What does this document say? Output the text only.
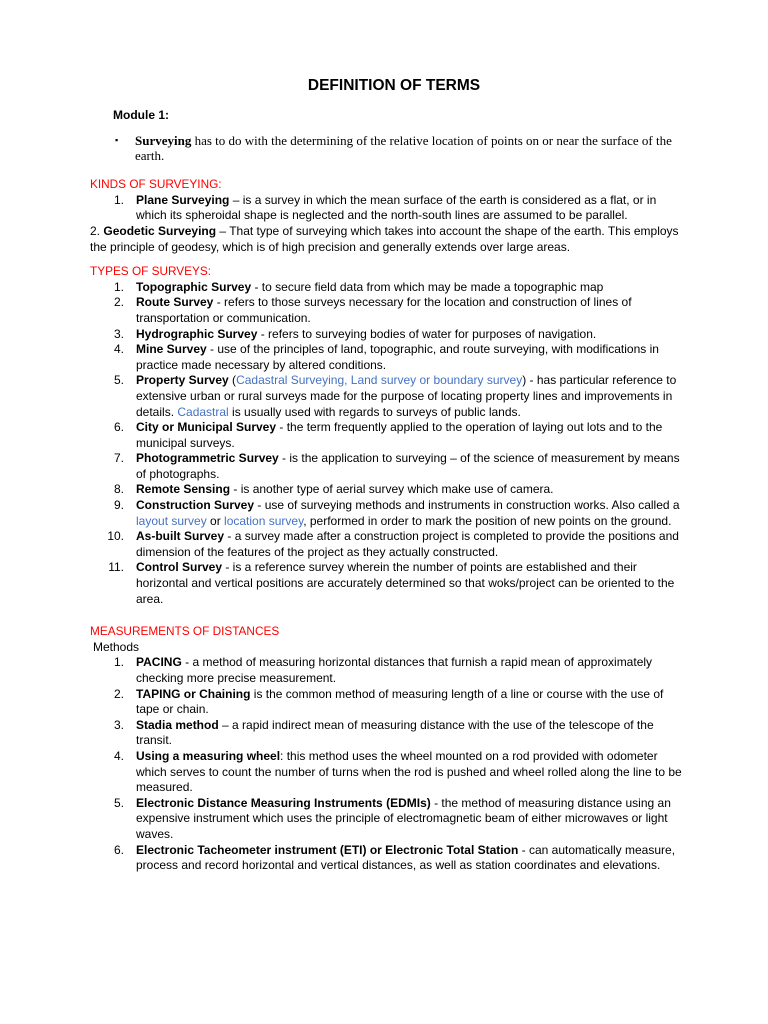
DEFINITION OF TERMS
Module 1:
▪ Surveying has to do with the determining of the relative location of points on or near the surface of the earth.
KINDS OF SURVEYING:
1. Plane Surveying – is a survey in which the mean surface of the earth is considered as a flat, or in which its spheroidal shape is neglected and the north-south lines are assumed to be parallel.
2. Geodetic Surveying – That type of surveying which takes into account the shape of the earth. This employs the principle of geodesy, which is of high precision and generally extends over large areas.
TYPES OF SURVEYS:
1. Topographic Survey - to secure field data from which may be made a topographic map
2. Route Survey - refers to those surveys necessary for the location and construction of lines of transportation or communication.
3. Hydrographic Survey - refers to surveying bodies of water for purposes of navigation.
4. Mine Survey - use of the principles of land, topographic, and route surveying, with modifications in practice made necessary by altered conditions.
5. Property Survey (Cadastral Surveying, Land survey or boundary survey) - has particular reference to extensive urban or rural surveys made for the purpose of locating property lines and improvements in details. Cadastral is usually used with regards to surveys of public lands.
6. City or Municipal Survey - the term frequently applied to the operation of laying out lots and to the municipal surveys.
7. Photogrammetric Survey - is the application to surveying – of the science of measurement by means of photographs.
8. Remote Sensing - is another type of aerial survey which make use of camera.
9. Construction Survey - use of surveying methods and instruments in construction works. Also called a layout survey or location survey, performed in order to mark the position of new points on the ground.
10. As-built Survey - a survey made after a construction project is completed to provide the positions and dimension of the features of the project as they actually constructed.
11. Control Survey - is a reference survey wherein the number of points are established and their horizontal and vertical positions are accurately determined so that woks/project can be oriented to the area.
MEASUREMENTS OF DISTANCES
Methods
1. PACING - a method of measuring horizontal distances that furnish a rapid mean of approximately checking more precise measurement.
2. TAPING or Chaining is the common method of measuring length of a line or course with the use of tape or chain.
3. Stadia method – a rapid indirect mean of measuring distance with the use of the telescope of the transit.
4. Using a measuring wheel: this method uses the wheel mounted on a rod provided with odometer which serves to count the number of turns when the rod is pushed and wheel rolled along the line to be measured.
5. Electronic Distance Measuring Instruments (EDMIs) - the method of measuring distance using an expensive instrument which uses the principle of electromagnetic beam of either microwaves or light waves.
6. Electronic Tacheometer instrument (ETI) or Electronic Total Station - can automatically measure, process and record horizontal and vertical distances, as well as station coordinates and elevations.
